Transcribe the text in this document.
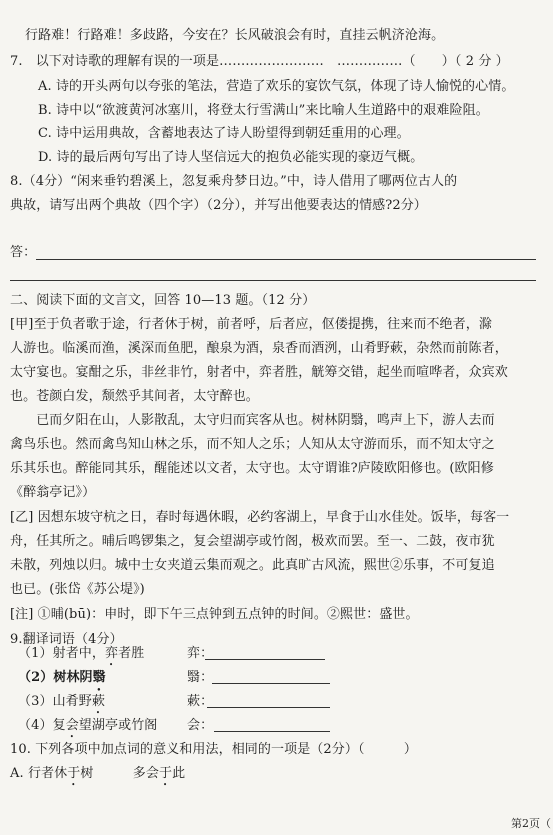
行路难！行路难！多歧路，今安在？长风破浪会有时，直挂云帆济沧海。
7.　以下对诗歌的理解有误的一项是……………………　……………（　　）（ 2 分 ）
A. 诗的开头两句以夸张的笔法，营造了欢乐的宴饮气氛，体现了诗人愉悦的心情。
B. 诗中以“欲渡黄河冰塞川，将登太行雪满山”来比喻人生道路中的艰难险阻。
C. 诗中运用典故，含蓄地表达了诗人盼望得到朝廷重用的心理。
D. 诗的最后两句写出了诗人坚信远大的抱负必能实现的豪迈气概。
8.（4分）“闲来垂钓碧溪上，忽复乘舟梦日边。”中，诗人借用了哪两位古人的
典故，请写出两个典故（四个字）（2分），并写出他要表达的情感?2分）
答：
二、阅读下面的文言文，回答 10—13 题。（12 分）
[甲]至于负者歌于途，行者休于树，前者呼，后者应，伛偻提携，往来而不绝者，滁
人游也。临溪而渔，溪深而鱼肥，酿泉为酒，泉香而酒洌，山肴野蔌，杂然而前陈者，
太守宴也。宴酣之乐，非丝非竹，射者中，弈者胜，觥筹交错，起坐而喧哗者，众宾欢
也。苍颜白发，颓然乎其间者，太守醉也。
　　已而夕阳在山，人影散乱，太守归而宾客从也。树林阴翳，鸣声上下，游人去而
禽鸟乐也。然而禽鸟知山林之乐，而不知人之乐；人知从太守游而乐，而不知太守之
乐其乐也。醉能同其乐，醒能述以文者，太守也。太守谓谁?庐陵欧阳修也。(欧阳修
《醉翁亭记》）
[乙] 因想东坡守杭之日，春时每遇休暇，必约客湖上，早食于山水佳处。饭毕，每客一
舟，任其所之。晡后鸣锣集之，复会望湖亭或竹阁，极欢而罢。至一、二鼓，夜市犹
未散，列烛以归。城中士女夹道云集而观之。此真旷古风流，熙世②乐事，不可复追
也已。(张岱《苏公堤》)
[注] ①晡(bū)：申时，即下午三点钟到五点钟的时间。②熙世：盛世。
9.翻译词语（4分）
（1）射者中，弈者胜	弈：
（2）树林阴翳	翳：
（3）山肴野蔌	蔌：
（4）复会望湖亭或竹阁 会：
10. 下列各项中加点词的意义和用法，相同的一项是（2分）（　　　）
A. 行者休于树　　　多会于此
第2页（
